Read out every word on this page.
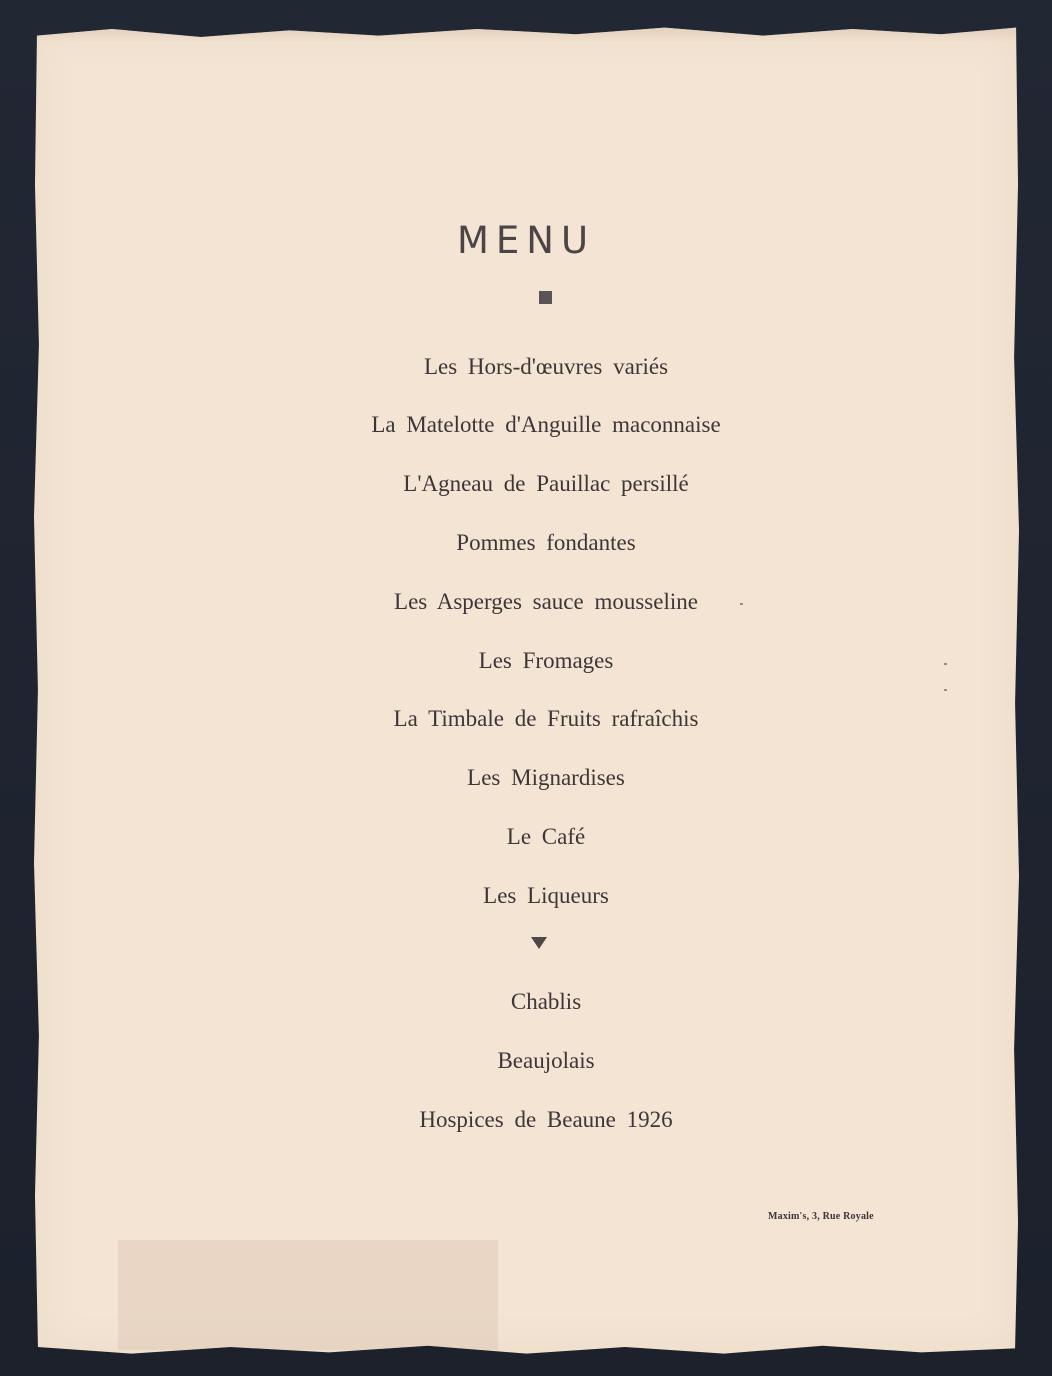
MENU
Les Hors-d'œuvres variés
La Matelotte d'Anguille maconnaise
L'Agneau de Pauillac persillé
Pommes fondantes
Les Asperges sauce mousseline
Les Fromages
La Timbale de Fruits rafraîchis
Les Mignardises
Le Café
Les Liqueurs
Chablis
Beaujolais
Hospices de Beaune 1926
Maxim's, 3, Rue Royale
